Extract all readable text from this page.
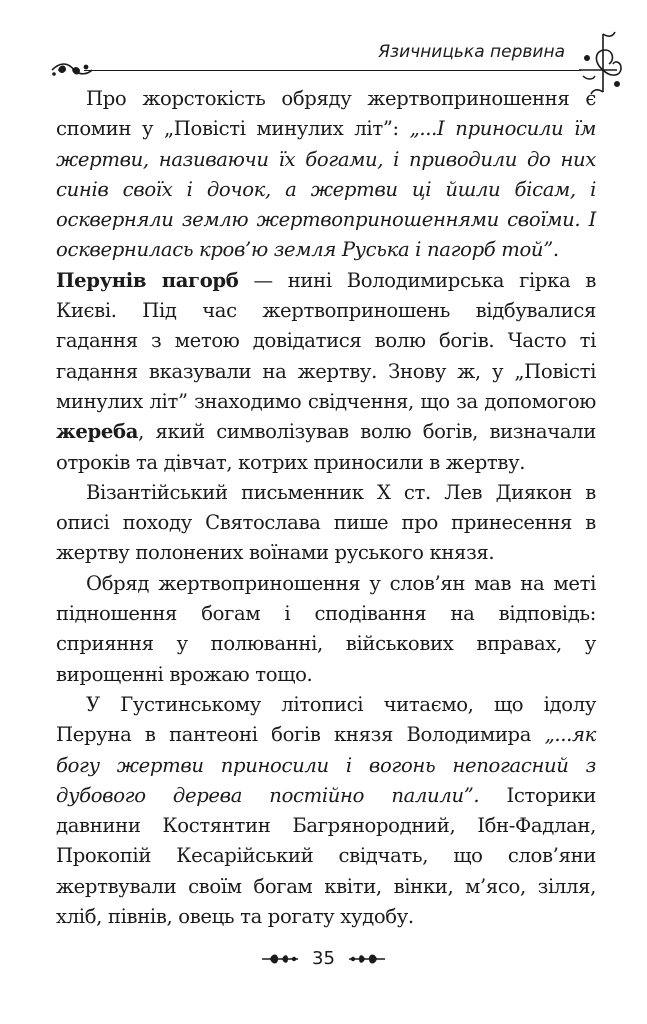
Язичницька первина

Про жорстокість обряду жертвоприношення є спомин у „Повісті минулих літ”: „...І приносили їм жертви, називаючи їх богами, і приводили до них синів своїх і дочок, а жертви ці йшли бісам, і оскверняли землю жертвоприношеннями своїми. І осквернилась кров’ю земля Руська і пагорб той”.

Перунів пагорб — нині Володимирська гірка в Києві. Під час жертвоприношень відбувалися гадання з метою довідатися волю богів. Часто ті гадання вказували на жертву. Знову ж, у „Повісті минулих літ” знаходимо свідчення, що за допомогою жереба, який символізував волю богів, визначали отроків та дівчат, котрих приносили в жертву.

Візантійський письменник X ст. Лев Диякон в описі походу Святослава пише про принесення в жертву полонених воїнами руського князя.

Обряд жертвоприношення у слов’ян мав на меті підношення богам і сподівання на відповідь: сприяння у полюванні, військових вправах, у вирощенні врожаю тощо.

У Густинському літописі читаємо, що ідолу Перуна в пантеоні богів князя Володимира „...як богу жертви приносили і вогонь непогасний з дубового дерева постійно палили”. Історики давнини Костянтин Багрянородний, Ібн-Фадлан, Прокопій Кесарійський свідчать, що слов’яни жертвували своїм богам квіти, вінки, м’ясо, зілля, хліб, півнів, овець та рогату худобу.

35
